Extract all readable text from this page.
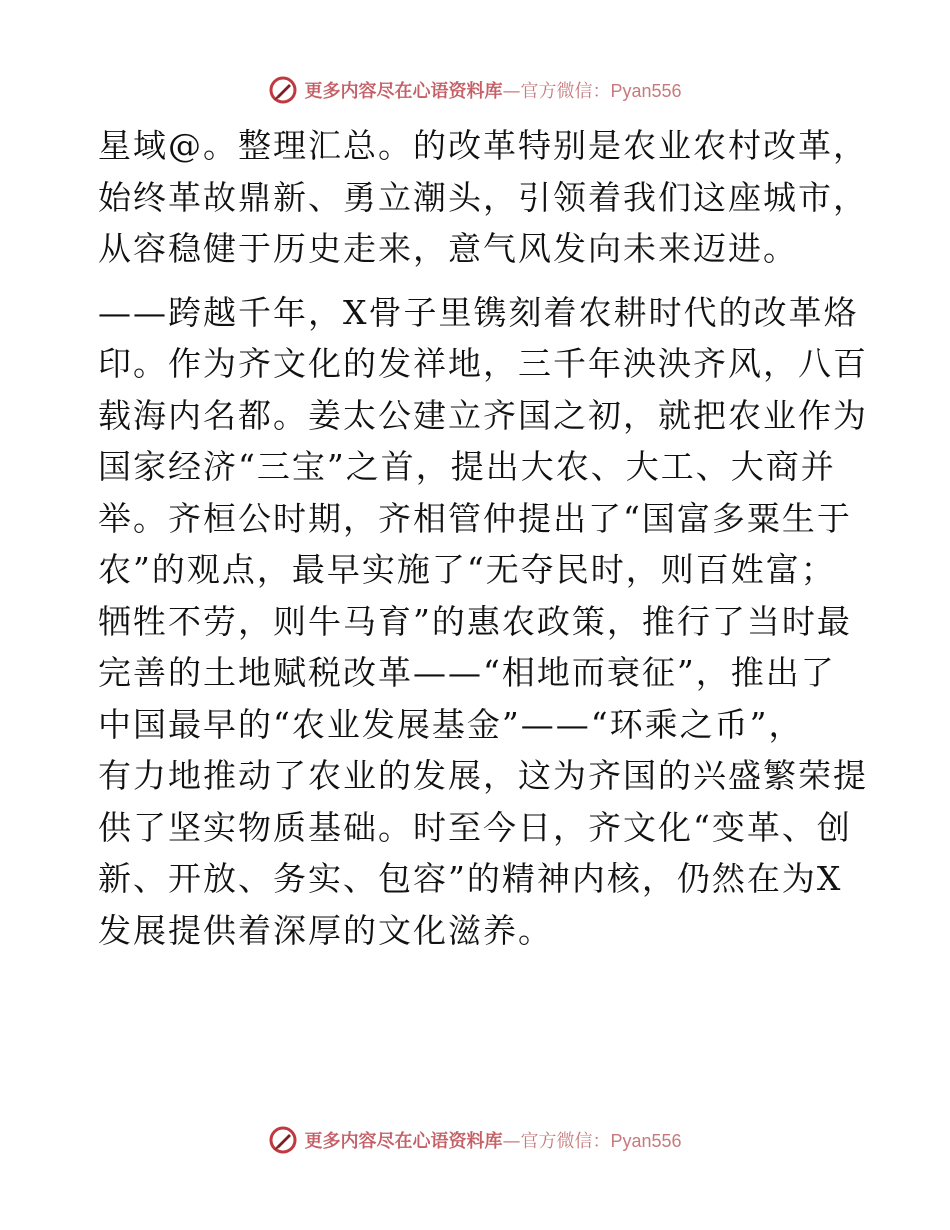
更多内容尽在心语资料库—官方微信：Pyan556

星域@。整理汇总。的改革特别是农业农村改革，
始终革故鼎新、勇立潮头，引领着我们这座城市，
从容稳健于历史走来，意气风发向未来迈进。

——跨越千年，X骨子里镌刻着农耕时代的改革烙
印。作为齐文化的发祥地，三千年泱泱齐风，八百
载海内名都。姜太公建立齐国之初，就把农业作为
国家经济“三宝”之首，提出大农、大工、大商并
举。齐桓公时期，齐相管仲提出了“国富多粟生于
农”的观点，最早实施了“无夺民时，则百姓富；
牺牲不劳，则牛马育”的惠农政策，推行了当时最
完善的土地赋税改革——“相地而衰征”，推出了
中国最早的“农业发展基金”——“环乘之币”，
有力地推动了农业的发展，这为齐国的兴盛繁荣提
供了坚实物质基础。时至今日，齐文化“变革、创
新、开放、务实、包容”的精神内核，仍然在为X
发展提供着深厚的文化滋养。

更多内容尽在心语资料库—官方微信：Pyan556
